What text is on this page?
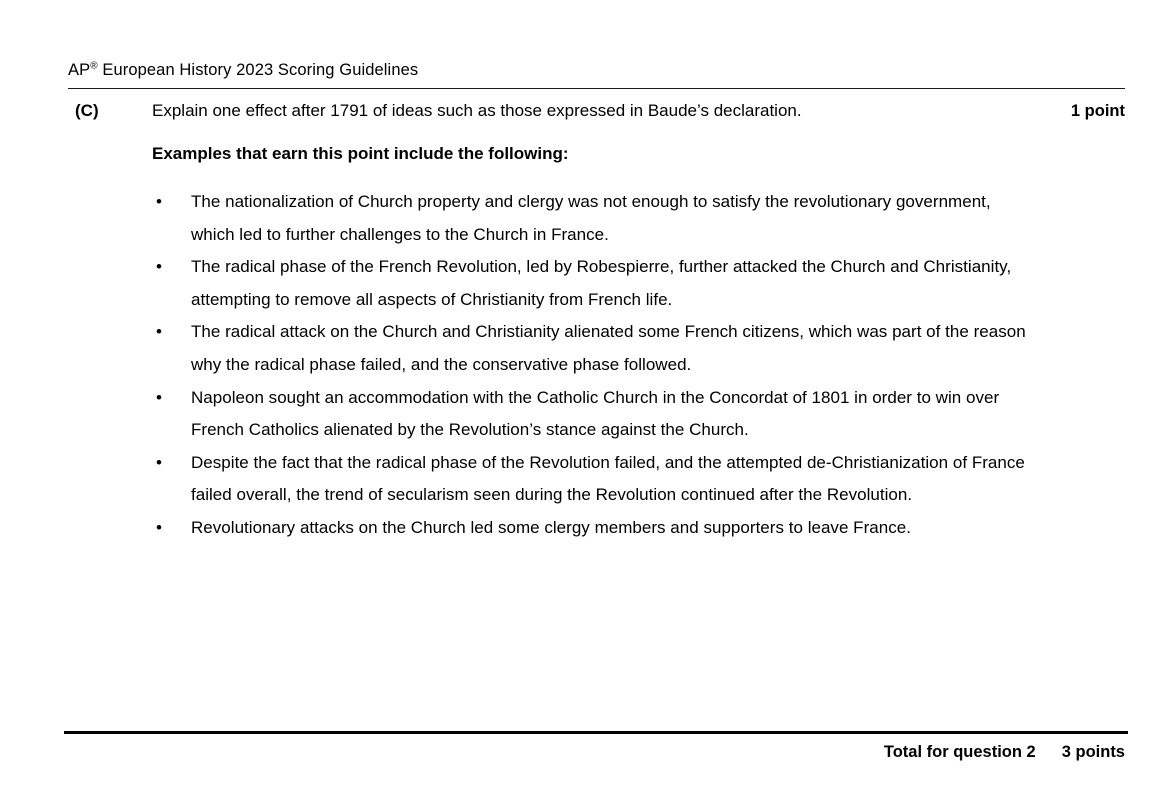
AP® European History 2023 Scoring Guidelines
(C)	Explain one effect after 1791 of ideas such as those expressed in Baude’s declaration.	1 point
Examples that earn this point include the following:
•	The nationalization of Church property and clergy was not enough to satisfy the revolutionary government, which led to further challenges to the Church in France.
•	The radical phase of the French Revolution, led by Robespierre, further attacked the Church and Christianity, attempting to remove all aspects of Christianity from French life.
•	The radical attack on the Church and Christianity alienated some French citizens, which was part of the reason why the radical phase failed, and the conservative phase followed.
•	Napoleon sought an accommodation with the Catholic Church in the Concordat of 1801 in order to win over French Catholics alienated by the Revolution’s stance against the Church.
•	Despite the fact that the radical phase of the Revolution failed, and the attempted de-Christianization of France failed overall, the trend of secularism seen during the Revolution continued after the Revolution.
•	Revolutionary attacks on the Church led some clergy members and supporters to leave France.
Total for question 2 3 points
